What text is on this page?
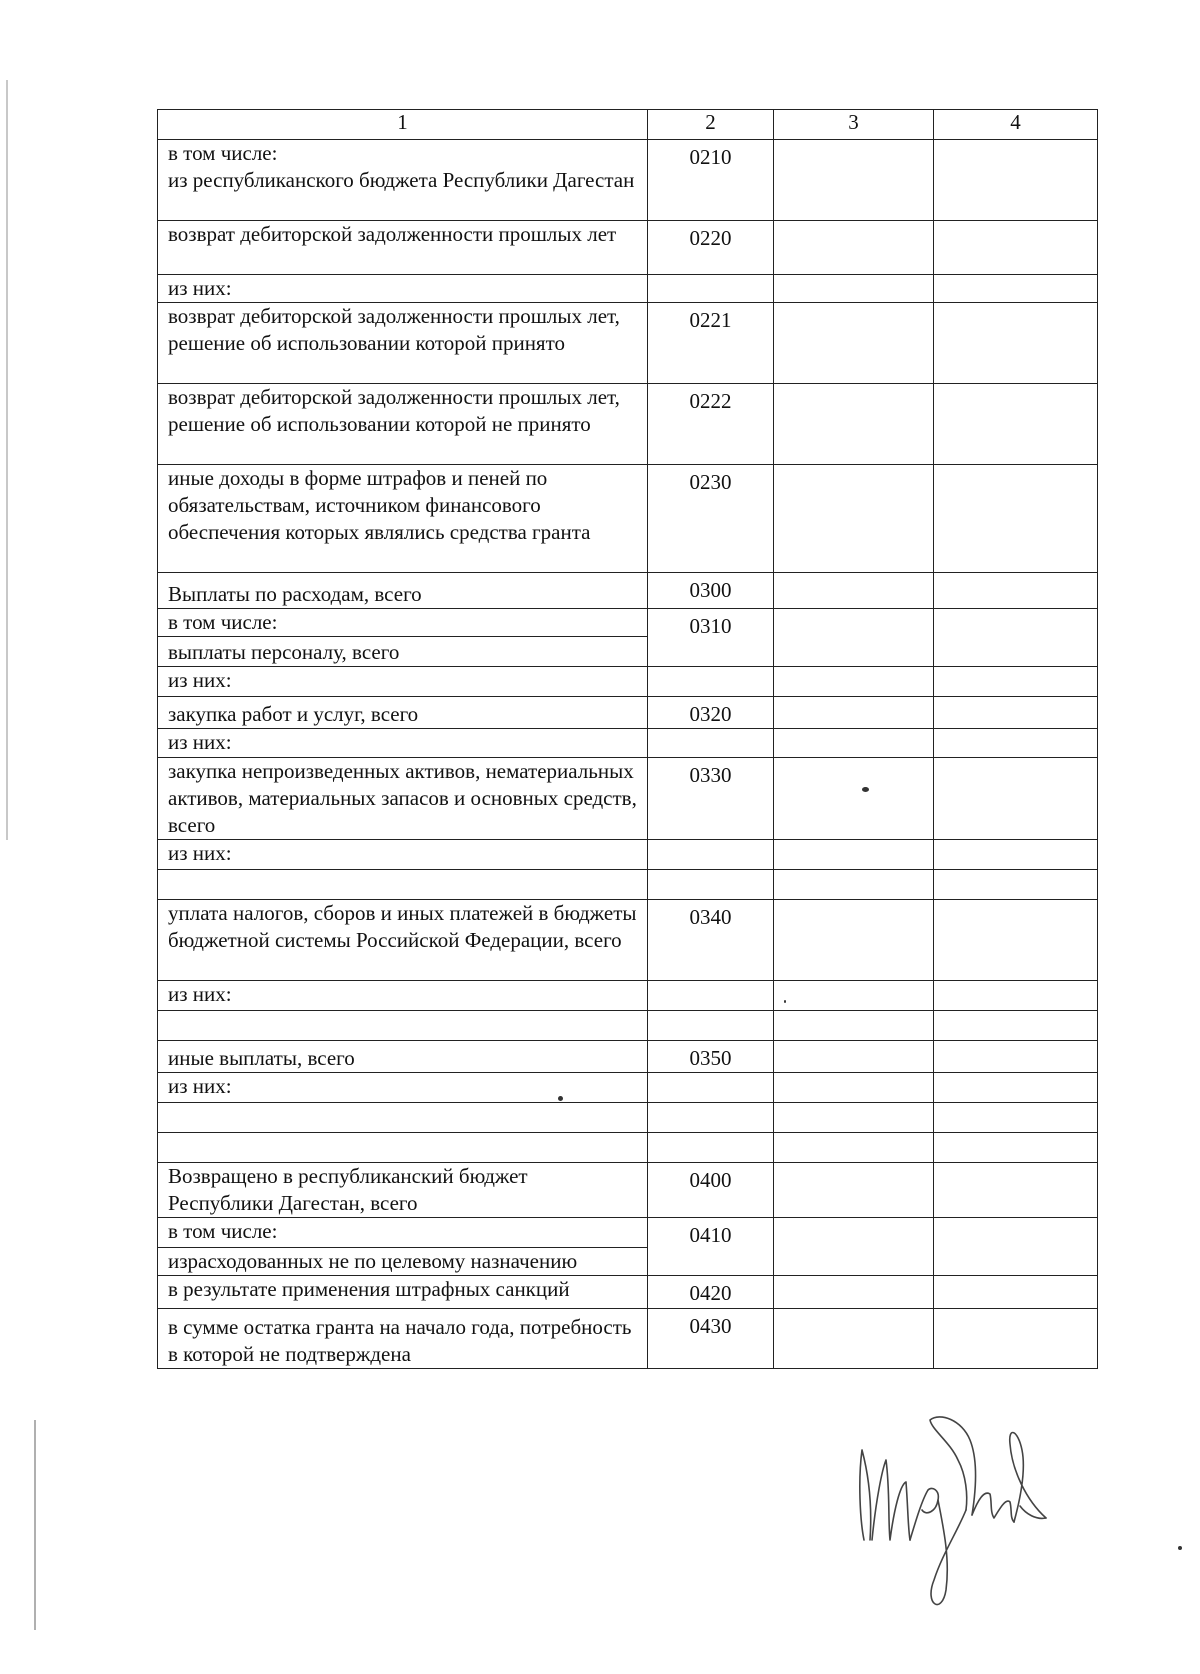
1	2	3	4
в том числе:
из республиканского бюджета Республики Дагестан	0210		
возврат дебиторской задолженности прошлых лет	0220		
из них:			
возврат дебиторской задолженности прошлых лет, решение об использовании которой принято	0221		
возврат дебиторской задолженности прошлых лет, решение об использовании которой не принято	0222		
иные доходы в форме штрафов и пеней по обязательствам, источником финансового обеспечения которых являлись средства гранта	0230		
Выплаты по расходам, всего	0300		
в том числе:	0310		
выплаты персоналу, всего			
из них:			
закупка работ и услуг, всего	0320		
из них:			
закупка непроизведенных активов, нематериальных активов, материальных запасов и основных средств, всего	0330		
из них:			

уплата налогов, сборов и иных платежей в бюджеты бюджетной системы Российской Федерации, всего	0340		
из них:			

иные выплаты, всего	0350		
из них:			

Возвращено в республиканский бюджет Республики Дагестан, всего	0400		
в том числе:	0410		
израсходованных не по целевому назначению			
в результате применения штрафных санкций	0420		
в сумме остатка гранта на начало года, потребность в которой не подтверждена	0430		
